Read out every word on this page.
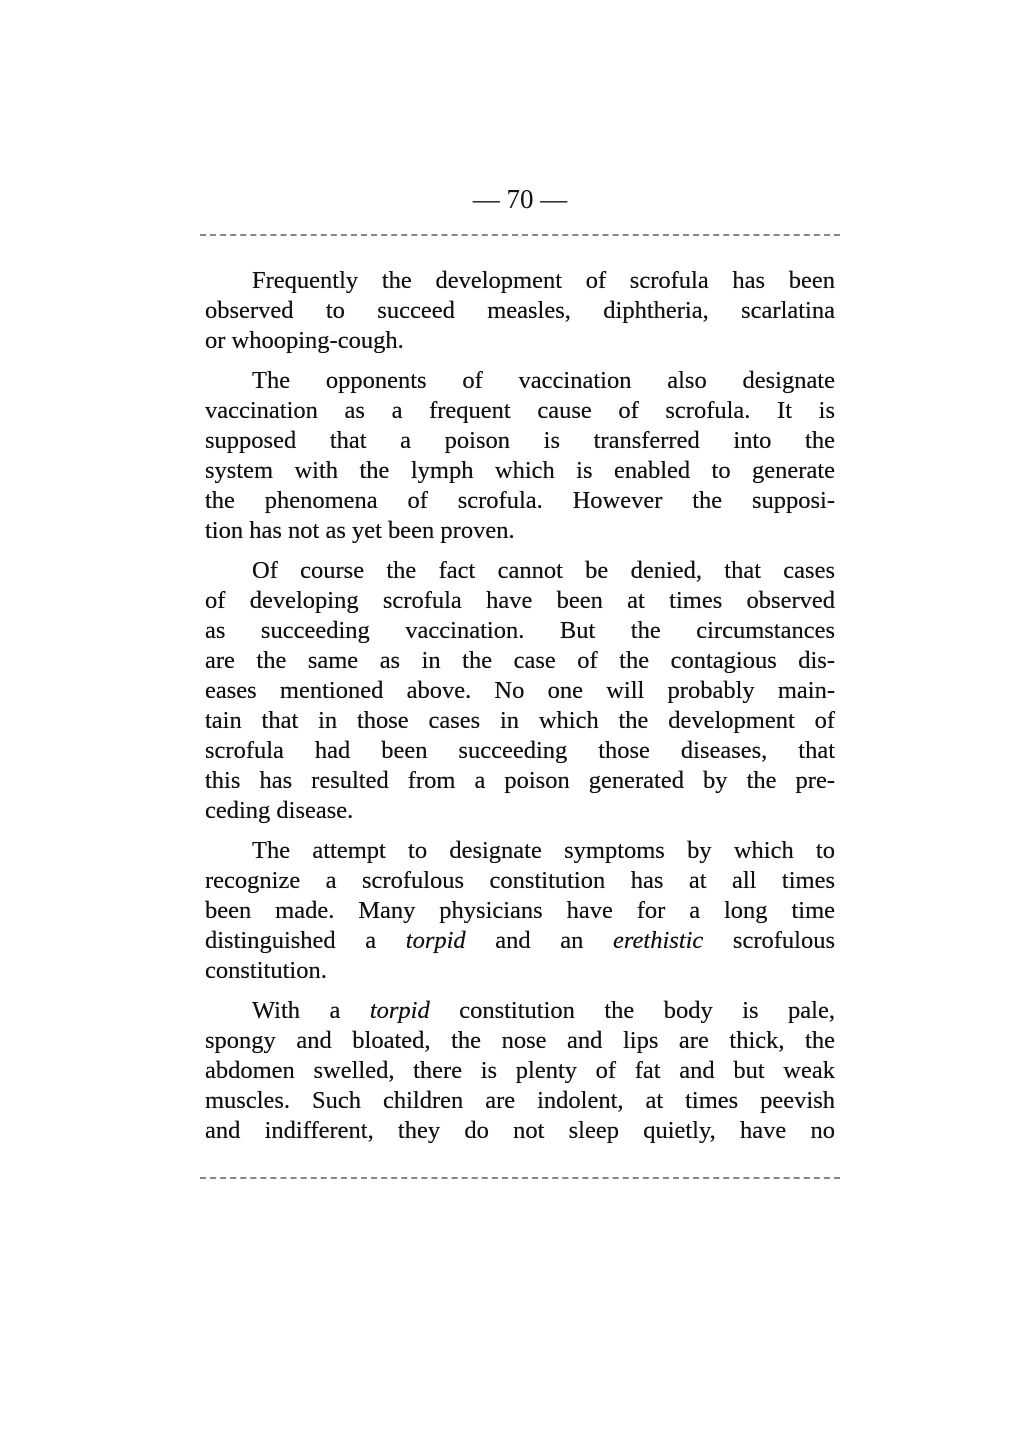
— 70 —
Frequently the development of scrofula has been
observed to succeed measles, diphtheria, scarlatina
or whooping-cough.
The opponents of vaccination also designate
vaccination as a frequent cause of scrofula. It is
supposed that a poison is transferred into the
system with the lymph which is enabled to generate
the phenomena of scrofula. However the supposi-
tion has not as yet been proven.
Of course the fact cannot be denied, that cases
of developing scrofula have been at times observed
as succeeding vaccination. But the circumstances
are the same as in the case of the contagious dis-
eases mentioned above. No one will probably main-
tain that in those cases in which the development of
scrofula had been succeeding those diseases, that
this has resulted from a poison generated by the pre-
ceding disease.
The attempt to designate symptoms by which to
recognize a scrofulous constitution has at all times
been made. Many physicians have for a long time
distinguished a torpid and an erethistic scrofulous
constitution.
With a torpid constitution the body is pale,
spongy and bloated, the nose and lips are thick, the
abdomen swelled, there is plenty of fat and but weak
muscles. Such children are indolent, at times peevish
and indifferent, they do not sleep quietly, have no
